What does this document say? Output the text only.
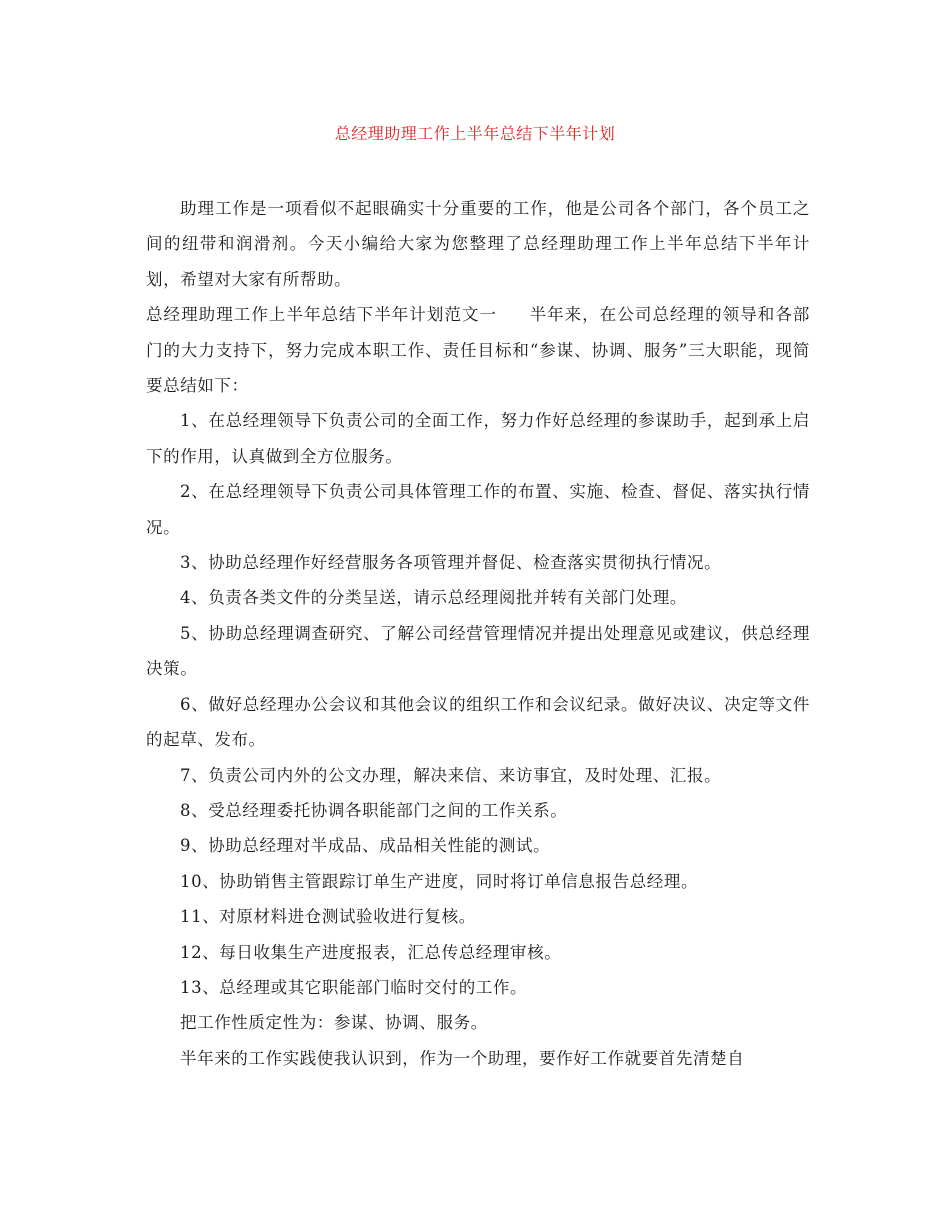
总经理助理工作上半年总结下半年计划

助理工作是一项看似不起眼确实十分重要的工作，他是公司各个部门，各个员工之间的纽带和润滑剂。今天小编给大家为您整理了总经理助理工作上半年总结下半年计划，希望对大家有所帮助。

总经理助理工作上半年总结下半年计划范文一 半年来，在公司总经理的领导和各部门的大力支持下，努力完成本职工作、责任目标和“参谋、协调、服务”三大职能，现简要总结如下：

1、在总经理领导下负责公司的全面工作，努力作好总经理的参谋助手，起到承上启下的作用，认真做到全方位服务。

2、在总经理领导下负责公司具体管理工作的布置、实施、检查、督促、落实执行情况。

3、协助总经理作好经营服务各项管理并督促、检查落实贯彻执行情况。

4、负责各类文件的分类呈送，请示总经理阅批并转有关部门处理。

5、协助总经理调查研究、了解公司经营管理情况并提出处理意见或建议，供总经理决策。

6、做好总经理办公会议和其他会议的组织工作和会议纪录。做好决议、决定等文件的起草、发布。

7、负责公司内外的公文办理，解决来信、来访事宜，及时处理、汇报。

8、受总经理委托协调各职能部门之间的工作关系。

9、协助总经理对半成品、成品相关性能的测试。

10、协助销售主管跟踪订单生产进度，同时将订单信息报告总经理。

11、对原材料进仓测试验收进行复核。

12、每日收集生产进度报表，汇总传总经理审核。

13、总经理或其它职能部门临时交付的工作。

把工作性质定性为：参谋、协调、服务。

半年来的工作实践使我认识到，作为一个助理，要作好工作就要首先清楚自
